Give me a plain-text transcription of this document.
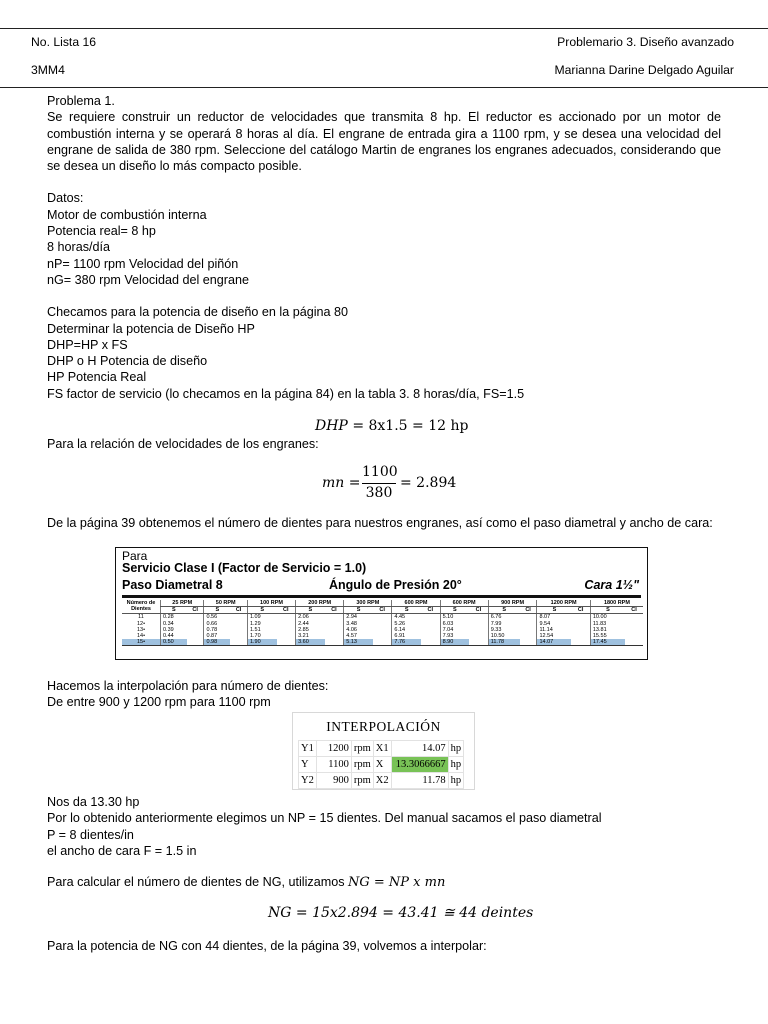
No. Lista 16	Problemario 3. Diseño avanzado
3MM4	Marianna Darine Delgado Aguilar

Problema 1.

Se requiere construir un reductor de velocidades que transmita 8 hp. El reductor es accionado por un motor de combustión interna y se operará 8 horas al día. El engrane de entrada gira a 1100 rpm, y se desea una velocidad del engrane de salida de 380 rpm. Seleccione del catálogo Martin de engranes los engranes adecuados, considerando que se desea un diseño lo más compacto posible.

Datos:

Motor de combustión interna

Potencia real= 8 hp

8 horas/día

nP= 1100 rpm Velocidad del piñón

nG= 380 rpm Velocidad del engrane

Checamos para la potencia de diseño en la página 80

Determinar la potencia de Diseño HP

DHP=HP x FS

DHP o H Potencia de diseño

HP Potencia Real

FS factor de servicio (lo checamos en la página 84) en la tabla 3. 8 horas/día, FS=1.5

DHP = 8x1.5 = 12 hp
Para la relación de velocidades de los engranes:
mn =
1100
380
= 2.894
De la página 39 obtenemos el número de dientes para nuestros engranes, así como el paso diametral y ancho de cara:
Para
Servicio Clase I (Factor de Servicio = 1.0)
Paso Diametral 8	Ángulo de Presión 20°	Cara 1½"
Número de Dientes	25 RPM		50 RPM		100 RPM		200 RPM		300 RPM		600 RPM		600 RPM		900 RPM		1200 RPM		1800 RPM	
	S	CI	S	CI	S	CI	S	CI	S	CI	S	CI	S	CI	S	CI	S	CI	S	CI
11	0.28		0.56		1.09		2.06		2.94		4.45		5.10		6.76		8.07		10.00	
12•	0.34		0.66		1.29		2.44		3.48		5.26		6.03		7.99		9.54		11.83	
13•	0.39		0.78		1.51		2.85		4.06		6.14		7.04		9.33		11.14		13.81	
14•	0.44		0.87		1.70		3.21		4.57		6.91		7.93		10.50		12.54		15.55	
15•	0.50		0.98		1.90		3.60		5.13		7.76		8.90		11.78		14.07		17.45	

Hacemos la interpolación para número de dientes:

De entre 900 y 1200 rpm para 1100 rpm

INTERPOLACIÓN
Y1	1200	rpm	X1	14.07	hp
Y	1100	rpm	X	13.3066667	hp
Y2	900	rpm	X2	11.78	hp

Nos da 13.30 hp

Por lo obtenido anteriormente elegimos un NP = 15 dientes. Del manual sacamos el paso diametral

P = 8 dientes/in

el ancho de cara F = 1.5 in

Para calcular el número de dientes de NG, utilizamos NG = NP x mn
NG = 15x2.894 = 43.41 ≅ 44 deintes
Para la potencia de NG con 44 dientes, de la página 39, volvemos a interpolar:
